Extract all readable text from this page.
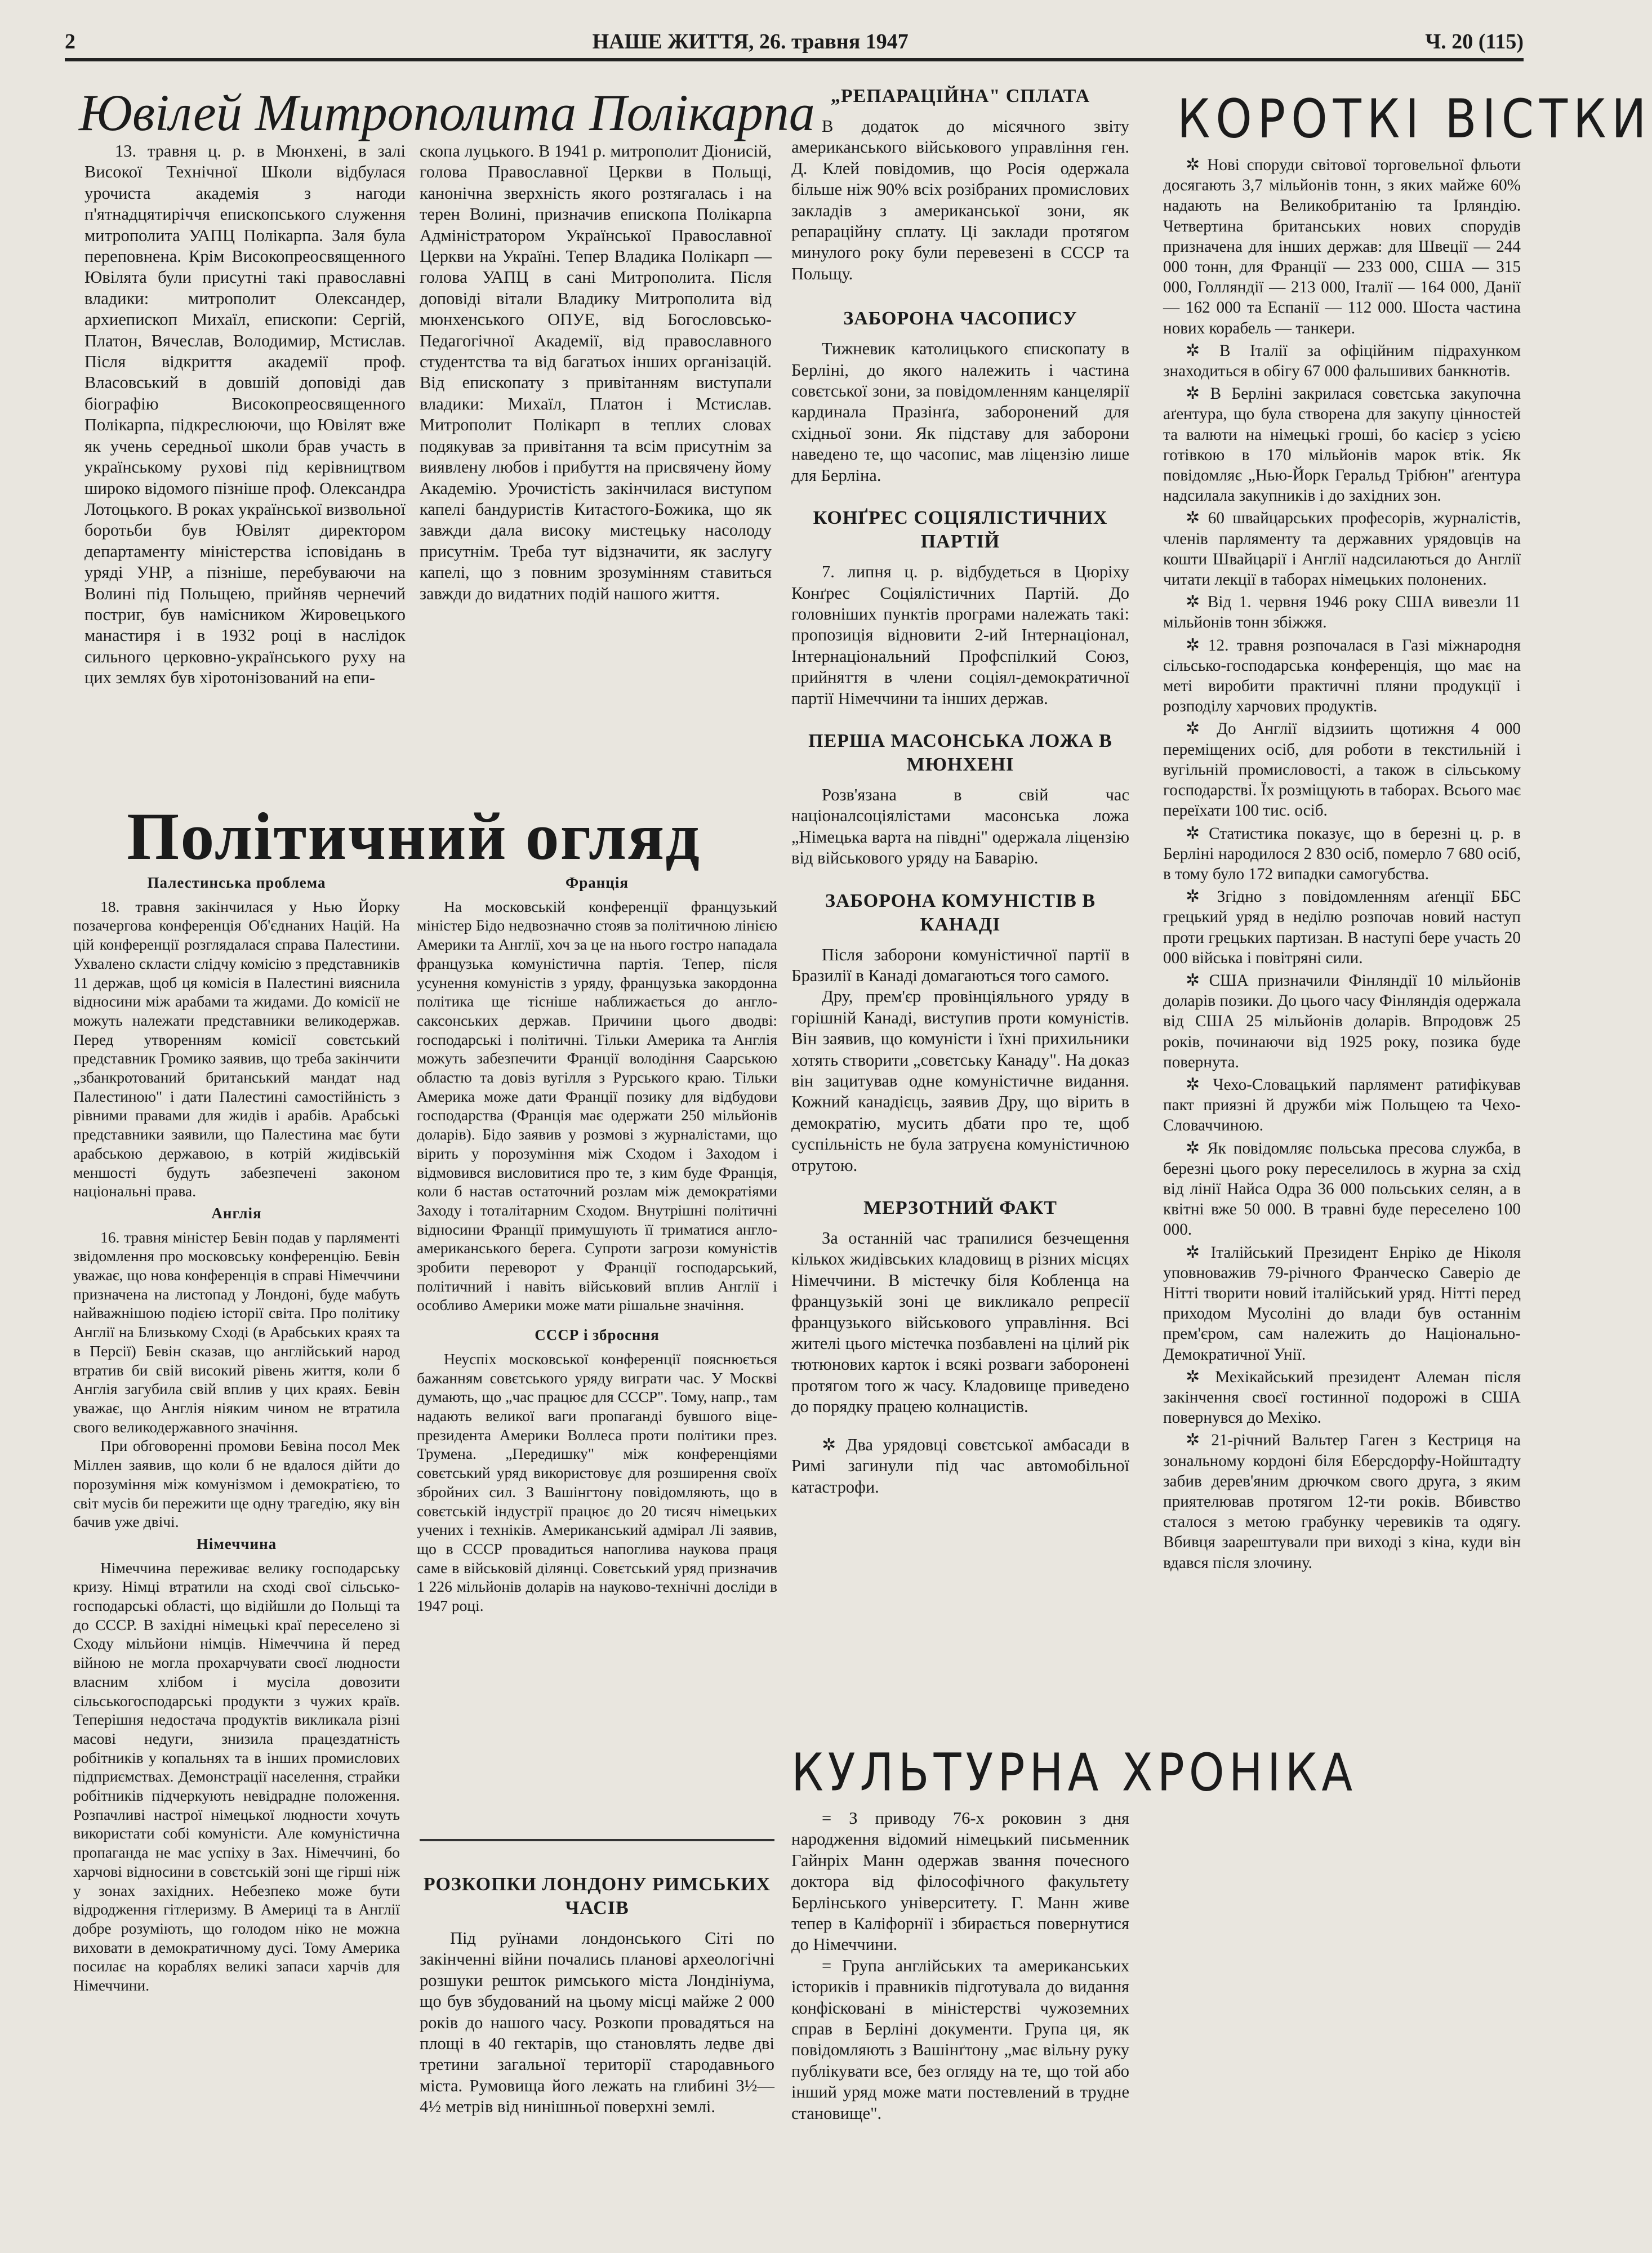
2	НАШЕ ЖИТТЯ, 26. травня 1947	Ч. 20 (115)
Ювілей Митрополита Полікарпа

13. травня ц. р. в Мюнхені, в залі Високої Технічної Школи відбулася урочиста академія з нагоди п'ятнадцятиріччя епископського служення митрополита УАПЦ Полікарпа. Заля була переповнена. Крім Високопреосвященного Ювілята були присутні такі православні владики: митрополит Олександер, архиепископ Михаїл, епископи: Сергій, Платон, Вячеслав, Володимир, Мстислав. Після відкриття академії проф. Власовський в довшій доповіді дав біографію Високопреосвященного Полікарпа, підкреслюючи, що Ювілят вже як учень середньої школи брав участь в українському руховi під керівництвом широко відомого пізніше проф. Олександра Лотоцького. В роках української визвольної боротьби був Ювілят директором департаменту міністерства ісповідань в уряді УНР, а пізніше, перебуваючи на Волині під Польщею, прийняв чернечий постриг, був намісником Жировецького манастиря і в 1932 році в наслідок сильного церковно-українського руху на цих землях був хіротонізований на епи-

скопа луцького. В 1941 р. митрополит Діонисій, голова Православної Церкви в Польщі, канонічна зверхність якого розтягалась і на терен Волині, призначив епископа Полікарпа Адмiністратором Української Православної Церкви на Україні. Тепер Владика Полікарп — голова УАПЦ в сані Митрополита. Після доповіді вітали Владику Митрополита від мюнхенського ОПУЕ, від Богословсько-Педагогічної Академії, від православного студентства та від багатьох інших організацій. Від епископату з привітанням виступали владики: Михаїл, Платон і Мстислав. Митрополит Полікарп в теплих словах подякував за привітання та всім присутнім за виявлену любов і прибуття на присвячену йому Академію. Урочистість закінчилася виступом капелі бандуристів Китастого-Божика, що як завжди дала високу мистецьку насолоду присутнім. Треба тут відзначити, як заслугу капелі, що з повним зрозумінням ставиться завжди до видатних подій нашого життя.

Політичний огляд
Палестинська проблема

18. травня закінчилася у Нью Йорку позачергова конференція Об'єднаних Націй. На цій конференції розглядалася справа Палестини. Ухвалено скласти слідчу комісію з представників 11 держав, щоб ця комісія в Палестині вияснила відносини між арабами та жидами. До комісії не можуть належати представники великодержав. Перед утворенням комісії совєтський представник Громико заявив, що треба закінчити „збанкротований британський мандат над Палестиною" і дати Палестині самостійність з рівними правами для жидів і арабів. Арабські представники заявили, що Палестина має бути арабською державою, в котрій жидівській меншості будуть забезпечені законом національні права.

Англія

16. травня міністер Бевін подав у парляменті звідомлення про московську конференцію. Бевін уважає, що нова конференція в справі Німеччини призначена на листопад у Лондоні, буде мабуть найважнішою подією історії світа. Про політику Англії на Близькому Сході (в Арабських краях та в Персії) Бевін сказав, що англійський народ втратив би свій високий рівень життя, коли б Англія загубила свій вплив у цих краях. Бевін уважає, що Англія ніяким чином не втратила свого великодержавного значіння.

При обговоренні промови Бевіна посол Мек Міллен заявив, що коли б не вдалося дійти до порозуміння між комунізмом і демократією, то світ мусів би пережити ще одну трагедію, яку він бачив уже двічі.

Німеччина

Німеччина переживає велику господарську кризу. Німці втратили на сході свої сільсько-господарські області, що відійшли до Польщі та до СССР. В західні німецькі краї переселено зі Сходу мільйони німців. Німеччина й перед війною не могла прохарчувати своєї людности власним хлібом і мусіла довозити сільськогосподарські продукти з чужих країв. Теперішня недостача продуктів викликала різні масові недуги, знизила працездатність робітників у копальнях та в інших промислових підприємствах. Демонстрації населення, страйки робітників підчеркують невідрадне положення. Розпачливі настрої німецької людности хочуть використати собі комуністи. Але комуністична пропаганда не має успіху в Зах. Німеччині, бо харчові відносини в совєтській зоні ще гірші ніж у зонах західних. Небезпеко може бути відродження гітлеризму. В Америці та в Англії добре розуміють, що голодом ніко не можна виховати в демократичному дусі. Тому Америка посилає на кораблях великі запаси харчів для Німеччини.

Франція

На московській конференції французький міністер Бідо недвозначно стояв за політичною лінією Америки та Англії, хоч за це на нього гостро нападала французька комуністична партія. Тепер, після усунення комуністів з уряду, французька закордонна політика ще тісніше наближається до англо-саксонських держав. Причини цього дводві: господарські і політичні. Тільки Америка та Англія можуть забезпечити Франції володіння Саарською областю та довіз вугілля з Рурського краю. Тільки Америка може дати Франції позику для відбудови господарства (Франція має одержати 250 мільйонів доларів). Бідо заявив у розмові з журналістами, що вірить у порозуміння між Сходом і Заходом і відмовився висловитися про те, з ким буде Франція, коли б настав остаточний розлам між демократіями Заходу і тоталітарним Сходом. Внутрішні політичні відносини Франції примушують її триматися англо-американського берега. Супроти загрози комуністів зробити переворот у Франції господарський, політичний і навіть військовий вплив Англії і особливо Америки може мати рішальне значіння.

СССР і збросння

Неуспіх московської конференції пояснюється бажанням совєтського уряду виграти час. У Москві думають, що „час працює для СССР". Тому, напр., там надають великої ваги пропаганді бувшого віце-президента Америки Воллеса проти політики през. Трумена. „Передишку" між конференціями совєтський уряд використовує для розширення своїх збройних сил. З Вашінгтону повідомляють, що в совєтській індустрії працює до 20 тисяч німецьких учених і техніків. Американський адмірал Лі заявив, що в СССР провадиться напоглива наукова праця саме в військовій ділянці. Совєтський уряд призначив 1 226 мільйонів доларів на науково-технічні досліди в 1947 році.

РОЗКОПКИ ЛОНДОНУ РИМСЬКИХ ЧАСІВ

Під руїнами лондонського Сіті по закінченні війни почались планові археологічні розшуки решток римського міста Лондініума, що був збудований на цьому місці майже 2 000 років до нашого часу. Розкопи провадяться на площі в 40 гектарів, що становлять ледве дві третини загальної території стародавнього міста. Румовища його лежать на глибині 3½—4½ метрів від нинішньої поверхні землі.

„РЕПАРАЦІЙНА" СПЛАТА

В додаток до місячного звіту американського військового управління ген. Д. Клей повідомив, що Росія одержала більше ніж 90% всіх розібраних промислових закладів з американської зони, як репараційну сплату. Ці заклади протягом минулого року були перевезені в СССР та Польщу.

ЗАБОРОНА ЧАСОПИСУ

Тижневик католицького єпископату в Берліні, до якого належить і частина совєтської зони, за повідомленням канцелярії кардинала Празінґа, заборонений для східньої зони. Як підставу для заборони наведено те, що часопис, мав ліцензію лише для Берліна.

КОНҐРЕС СОЦІЯЛІСТИЧНИХ ПАРТІЙ

7. липня ц. р. відбудеться в Цюріху Конґрес Соціялістичних Партій. До головніших пунктів програми належать такі: пропозиція відновити 2-ий Інтернаціонал, Інтернаціональний Профспілкий Союз, прийняття в члени соціял-демократичної партії Німеччини та інших держав.

ПЕРША МАСОНСЬКА ЛОЖА В МЮНХЕНІ

Розв'язана в свій час націоналсоціялістами масонська ложа „Німецька варта на півдні" одержала ліцензію від військового уряду на Баварію.

ЗАБОРОНА КОМУНІСТІВ В КАНАДІ

Після заборони комуністичної партії в Бразилії в Канаді домагаються того самого.

Дру, прем'єр провінціяльного уряду в горішній Канаді, виступив проти комуністів. Він заявив, що комуністи і їхні прихильники хотять створити „совєтську Канаду". На доказ він зацитував одне комуністичне видання. Кожний канадієць, заявив Дру, що вірить в демократію, мусить дбати про те, щоб суспільність не була затруєна комуністичною отрутою.

МЕРЗОТНИЙ ФАКТ

За останній час трапилися безчещення кількох жидівських кладовищ в різних місцях Німеччини. В містечку біля Кобленца на французькій зоні це викликало репресії французького військового управління. Всі жителі цього містечка позбавлені на цілий рік тютюнових карток і всякі розваги заборонені протягом того ж часу. Кладовище приведено до порядку працею колнацистів.

✲ Два урядовці совєтської амбасади в Римі загинули під час автомобільної катастрофи.

КУЛЬТУРНА ХРОНІКА

= З приводу 76-х роковин з дня народження відомий німецький письменник Гайнріх Манн одержав звання почесного доктора від філософічного факультету Берлінського університету. Г. Манн живе тепер в Каліфорнії і збирається повернутися до Німеччини.

= Група англійських та американських істориків і правників підготувала до видання конфісковані в міністерстві чужоземних справ в Берліні документи. Група ця, як повідомляють з Вашінґтону „має вільну руку публікувати все, без огляду на те, що той або інший уряд може мати постевлений в трудне становище".

КОРОТКІ ВІСТКИ

✲ Нові споруди світової торговельної фльоти досягають 3,7 мільйонів тонн, з яких майже 60% надають на Великобританію та Ірляндію. Четвертина британських нових спорудів призначена для інших держав: для Швеції — 244 000 тонн, для Франції — 233 000, США — 315 000, Голляндії — 213 000, Італії — 164 000, Данії — 162 000 та Еспанії — 112 000. Шоста частина нових корабель — танкери.

✲ В Італії за офіційним підрахунком знаходиться в обігу 67 000 фальшивих банкнотів.

✲ В Берліні закрилася совєтська закупочна аґентура, що була створена для закупу цінностей та валюти на німецькі гроші, бо касієр з усією готівкою в 170 мільйонів марок втік. Як повідомляє „Нью-Йорк Геральд Трібюн" аґентура надсилала закупників і до західних зон.

✲ 60 швайцарських професорів, журналістів, членів парляменту та державних урядовців на кошти Швайцарії і Англії надсилаються до Англії читати лекції в таборах німецьких полонених.

✲ Від 1. червня 1946 року США вивезли 11 мільйонів тонн збіжжя.

✲ 12. травня розпочалася в Газі міжнародня сільсько-господарська конференція, що має на меті виробити практичні пляни продукції і розподілу харчових продуктів.

✲ До Англії відзиить щотижня 4 000 переміщених осіб, для роботи в текстильній і вугільній промисловості, а також в сільському господарстві. Їх розміщують в таборах. Всього має переїхати 100 тис. осіб.

✲ Статистика показує, що в березні ц. р. в Берліні народилося 2 830 осіб, померло 7 680 осіб, в тому було 172 випадки самогубства.

✲ Згідно з повідомленням аґенції ББС грецький уряд в неділю розпочав новий наступ проти грецьких партизан. В наступі бере участь 20 000 війська і повітряні сили.

✲ США призначили Фінляндії 10 мільйонів доларів позики. До цього часу Фінляндія одержала від США 25 мільйонів доларів. Впродовж 25 років, починаючи від 1925 року, позика буде повернута.

✲ Чехо-Словацький парлямент ратифікував пакт приязні й дружби між Польщею та Чехо-Словаччиною.

✲ Як повідомляє польська пресова служба, в березні цього року переселилось в журна за схід від лінії Найса Одра 36 000 польських селян, а в квітні вже 50 000. В травні буде переселено 100 000.

✲ Італійський Президент Енріко де Ніколя уповноважив 79-річного Франческо Саверіо де Нітті творити новий італійський уряд. Нітті перед приходом Мусоліні до влади був останнім прем'єром, сам належить до Національно-Демократичної Унії.

✲ Мехікайський президент Алеман після закінчення своєї гостинної подорожі в США повернувся до Мехіко.

✲ 21-річний Вальтер Гаген з Кестриця на зональному кордоні біля Еберсдорфу-Нойштадту забив дерев'яним дрючком свого друга, з яким приятелював протягом 12-ти років. Вбивство сталося з метою грабунку черевиків та одягу. Вбивця заарештували при виході з кіна, куди він вдався після злочину.
